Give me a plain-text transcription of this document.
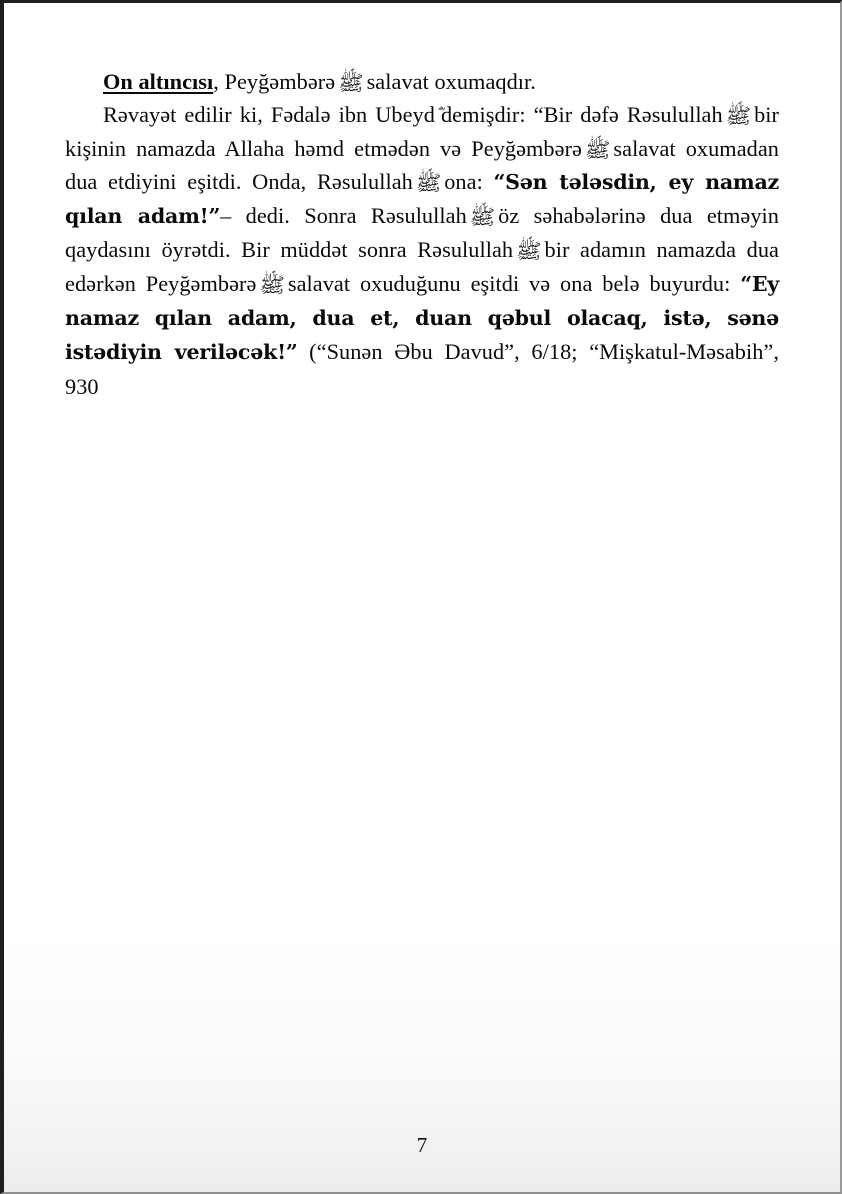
On altıncısı, Peyğəmbərə ﷺ salavat oxumaqdır.

Rəvayət edilir ki, Fədalə ibn Ubeyd demişdir: “Bir dəfə Rəsulullah ﷺ bir kişinin namazda Allaha həmd etmədən və Peyğəmbərə ﷺ salavat oxumadan dua etdiyini eşitdi. Onda, Rəsulullah ﷺ ona: “Sən tələsdin, ey namaz qılan adam!”– dedi. Sonra Rəsulullah ﷺ öz səhabələrinə dua etməyin qaydasını öyrətdi. Bir müddət sonra Rəsulullah ﷺ bir adamın namazda dua edərkən Peyğəmbərə ﷺ salavat oxuduğunu eşitdi və ona belə buyurdu: “Ey namaz qılan adam, dua et, duan qəbul olacaq, istə, sənə istədiyin veriləcək!” (“Sunən Əbu Davud”, 6/18; “Mişkatul-Məsabih”, 930

7
